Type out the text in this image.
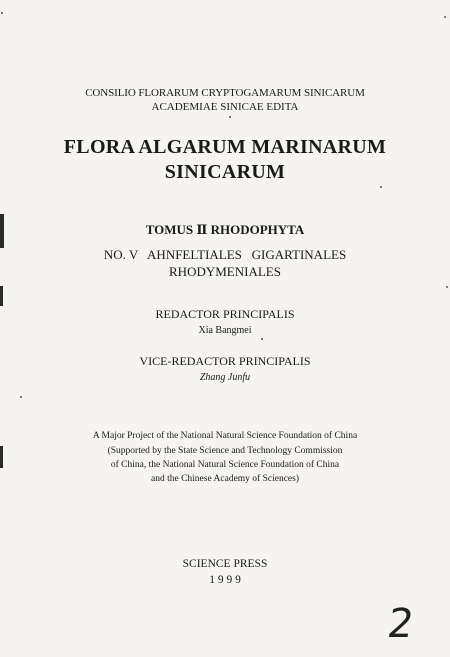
CONSILIO FLORARUM CRYPTOGAMARUM SINICARUM

ACADEMIAE SINICAE EDITA

FLORA ALGARUM MARINARUM

SINICARUM

TOMUS Ⅱ RHODOPHYTA

NO. V   AHNFELTIALES   GIGARTINALES

RHODYMENIALES

REDACTOR PRINCIPALIS

Xia Bangmei

VICE-REDACTOR PRINCIPALIS

Zhang Junfu

A Major Project of the National Natural Science Foundation of China

(Supported by the State Science and Technology Commission

of China, the National Natural Science Foundation of China

and the Chinese Academy of Sciences)

SCIENCE PRESS

1 9 9 9

2
